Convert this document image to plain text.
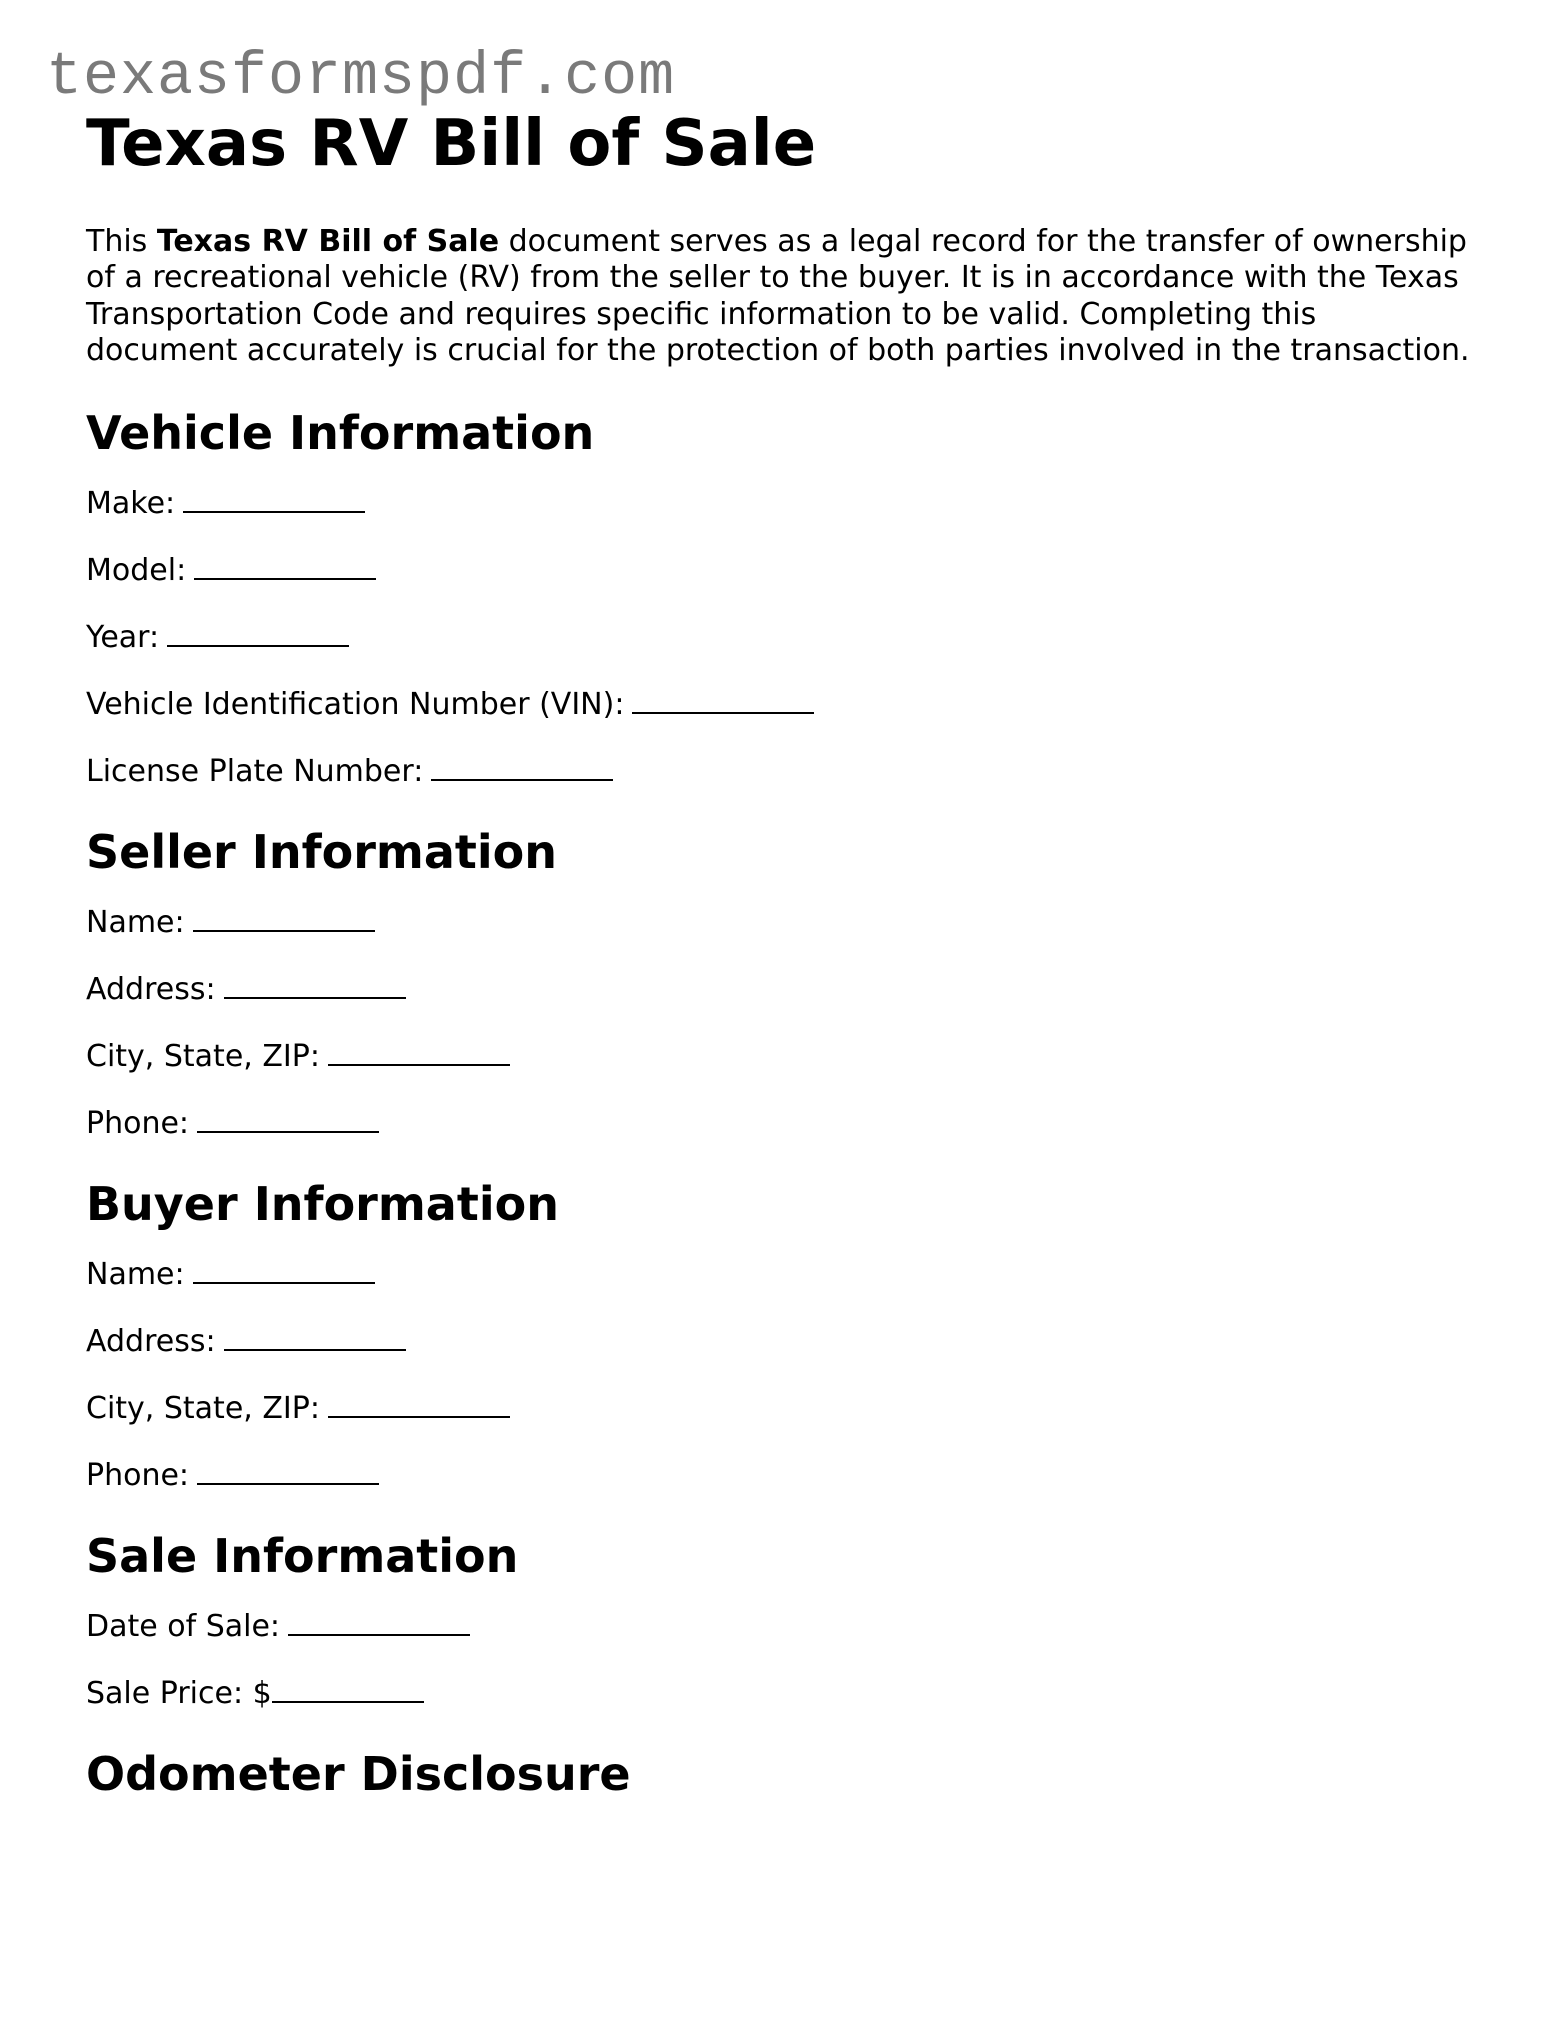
texasformspdf.com
Texas RV Bill of Sale

This Texas RV Bill of Sale document serves as a legal record for the transfer of ownership of a recreational vehicle (RV) from the seller to the buyer. It is in accordance with the Texas Transportation Code and requires specific information to be valid. Completing this document accurately is crucial for the protection of both parties involved in the transaction.

Vehicle Information
Make:
Model:
Year:
Vehicle Identification Number (VIN):
License Plate Number:
Seller Information
Name:
Address:
City, State, ZIP:
Phone:
Buyer Information
Name:
Address:
City, State, ZIP:
Phone:
Sale Information
Date of Sale:
Sale Price: $
Odometer Disclosure
